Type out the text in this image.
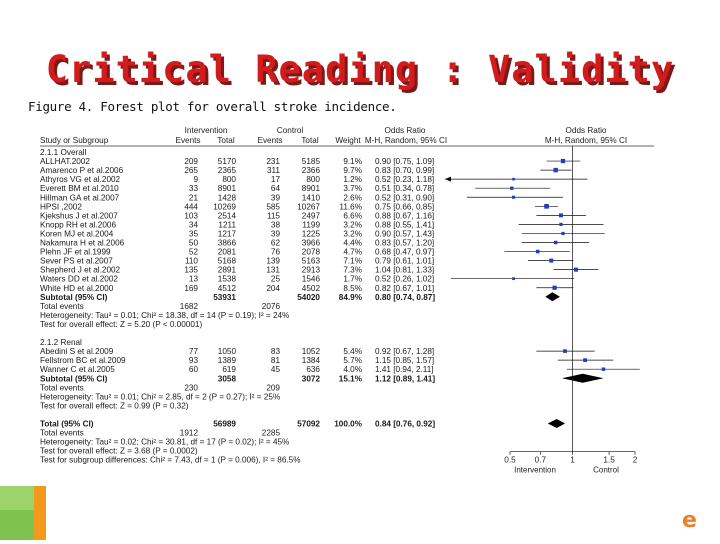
Critical Reading : Validity
Figure 4. Forest plot for overall stroke incidence.
Intervention	Control	Odds Ratio	Odds Ratio
Study or Subgroup	Events Total	Events Total Weight M-H, Random, 95% CI	M-H, Random, 95% CI
2.1.1 Overall
ALLHAT.2002	209 5170	231	5185	9.1% 0.90 [0.75, 1.09]
Amarenco P et al.2006	265 2365	311	2366	9.7% 0.83 [0.70, 0.99]
Athyros VG et al.2002	9	800	17	800	1.2% 0.52 [0.23, 1.18]
Everett BM et al.2010	33 8901	64	8901	3.7% 0.51 [0.34, 0.78]
Hillman GA et al.2007	21 1428	39	1410	2.6% 0.52 [0.31, 0.90]
HPSI ,2002	444 10269	585 10267 11.6% 0.75 [0.66, 0.85]
Kjekshus J et al.2007	103 2514	115	2497	6.6% 0.88 [0.67, 1.16]
Knopp RH et al.2006	34 1211	38	1199	3.2% 0.88 [0.55, 1.41]
Koren MJ et al.2004	35 1217	39	1225	3.2% 0.90 [0.57, 1.43]
Nakamura H et al.2006	50 3866	62	3966	4.4% 0.83 [0.57, 1.20]
Plehn JF et al.1999	52 2081	76	2078	4.7% 0.68 [0.47, 0.97]
Sever PS et al.2007	110 5168	139	5163	7.1% 0.79 [0.61, 1.01]
Shepherd J et al.2002	135 2891	131	2913	7.3% 1.04 [0.81, 1.33]
Waters DD et al.2002	13 1538	25	1546	1.7% 0.52 [0.26, 1.02]
White HD et al.2000	169 4512	204	4502	8.5% 0.82 [0.67, 1.01]
Subtotal (95% CI)	53931	54020 84.9% 0.80 [0.74, 0.87]
Total events	1682	2076
Heterogeneity: Tau² = 0.01; Chi² = 18.38, df = 14 (P = 0.19); I² = 24%
Test for overall effect: Z = 5.20 (P < 0.00001)
2.1.2 Renal
Abedini S et al.2009	77 1050	83	1052	5.4% 0.92 [0.67, 1.28]
Fellstrom BC et al.2009	93 1389	81	1384	5.7% 1.15 [0.85, 1.57]
Wanner C et al.2005	60	619	45	636	4.0% 1.41 [0.94, 2.11]
Subtotal (95% CI)	3058	3072 15.1% 1.12 [0.89, 1.41]
Total events	230	209
Heterogeneity: Tau² = 0.01; Chi² = 2.85, df = 2 (P = 0.27); I² = 25%
Test for overall effect: Z = 0.99 (P = 0.32)
Total (95% CI)	56989	57092 100.0% 0.84 [0.76, 0.92]
Total events	1912	2285
Heterogeneity: Tau² = 0.02; Chi² = 30.81, df = 17 (P = 0.02); I² = 45%
Test for overall effect: Z = 3.68 (P = 0.0002)
Test for subgroup differences: Chi² = 7.43, df = 1 (P = 0.006), I² = 86.5%	0.5 0.7	1	1.5 2
Intervention	Control
e
